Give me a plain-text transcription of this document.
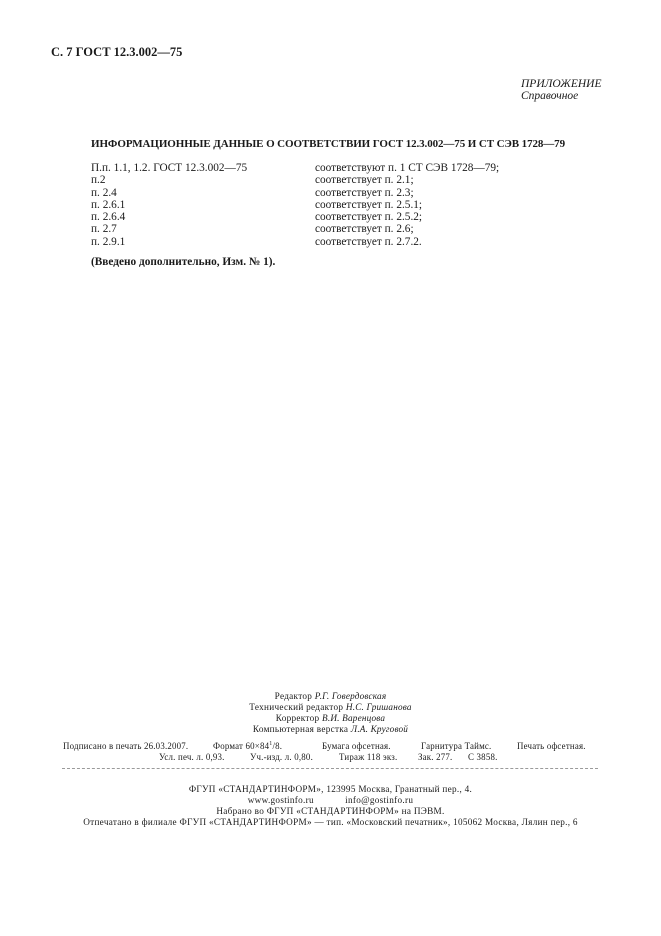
С. 7 ГОСТ 12.3.002—75
ПРИЛОЖЕНИЕ
Справочное
ИНФОРМАЦИОННЫЕ ДАННЫЕ О СООТВЕТСТВИИ ГОСТ 12.3.002—75 И СТ СЭВ 1728—79
П.п. 1.1, 1.2. ГОСТ 12.3.002—75	соответствуют п. 1 СТ СЭВ 1728—79;
п.2	соответствует п. 2.1;
п. 2.4	соответствует п. 2.3;
п. 2.6.1	соответствует п. 2.5.1;
п. 2.6.4	соответствует п. 2.5.2;
п. 2.7	соответствует п. 2.6;
п. 2.9.1	соответствует п. 2.7.2.
(Введено дополнительно, Изм. № 1).
Редактор Р.Г. Говердовская
Технический редактор Н.С. Гришанова
Корректор В.И. Варенцова
Компьютерная верстка Л.А. Круговой
Подписано в печать 26.03.2007.	Формат $60\times 84^1/8$.	Бумага офсетная.	Гарнитура Таймс.	Печать офсетная.
Усл. печ. л. 0,93.	Уч.-изд. л. 0,80.	Тираж 118 экз. Зак. 277. С 3858.
ФГУП «СТАНДАРТИНФОРМ», 123995 Москва, Гранатный пер., 4.
www.gostinfo.ru	info@gostinfo.ru
Набрано во ФГУП «СТАНДАРТИНФОРМ» на ПЭВМ.
Отпечатано в филиале ФГУП «СТАНДАРТИНФОРМ» — тип. «Московский печатник», 105062 Москва, Лялин пер., 6
